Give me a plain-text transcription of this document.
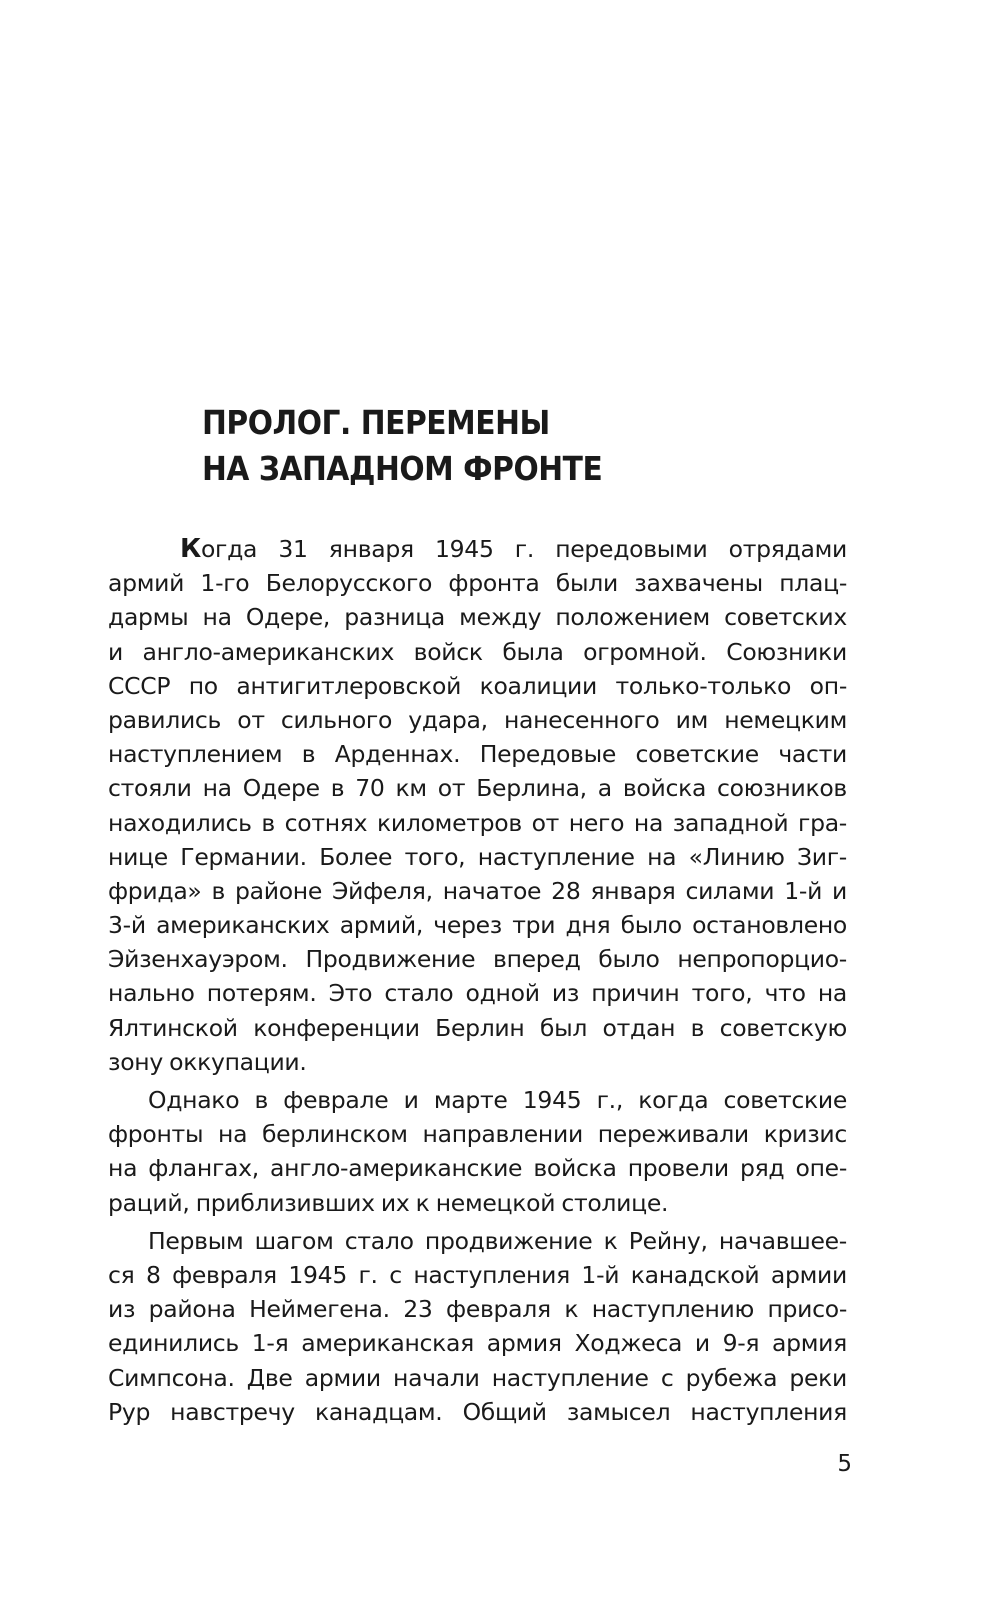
ПРОЛОГ. ПЕРЕМЕНЫ
НА ЗАПАДНОМ ФРОНТЕ
Когда 31 января 1945 г. передовыми отрядами
армий 1-го Белорусского фронта были захвачены плац-
дармы на Одере, разница между положением советских
и англо-американских войск была огромной. Союзники
СССР по антигитлеровской коалиции только-только оп-
равились от сильного удара, нанесенного им немецким
наступлением в Арденнах. Передовые советские части
стояли на Одере в 70 км от Берлина, а войска союзников
находились в сотнях километров от него на западной гра-
нице Германии. Более того, наступление на «Линию Зиг-
фрида» в районе Эйфеля, начатое 28 января силами 1-й и
3-й американских армий, через три дня было остановлено
Эйзенхауэром. Продвижение вперед было непропорцио-
нально потерям. Это стало одной из причин того, что на
Ялтинской конференции Берлин был отдан в советскую
зону оккупации.
Однако в феврале и марте 1945 г., когда советские
фронты на берлинском направлении переживали кризис
на флангах, англо-американские войска провели ряд опе-
раций, приблизивших их к немецкой столице.
Первым шагом стало продвижение к Рейну, начавшее-
ся 8 февраля 1945 г. с наступления 1-й канадской армии
из района Неймегена. 23 февраля к наступлению присо-
единились 1-я американская армия Ходжеса и 9-я армия
Симпсона. Две армии начали наступление с рубежа реки
Рур навстречу канадцам. Общий замысел наступления
5
